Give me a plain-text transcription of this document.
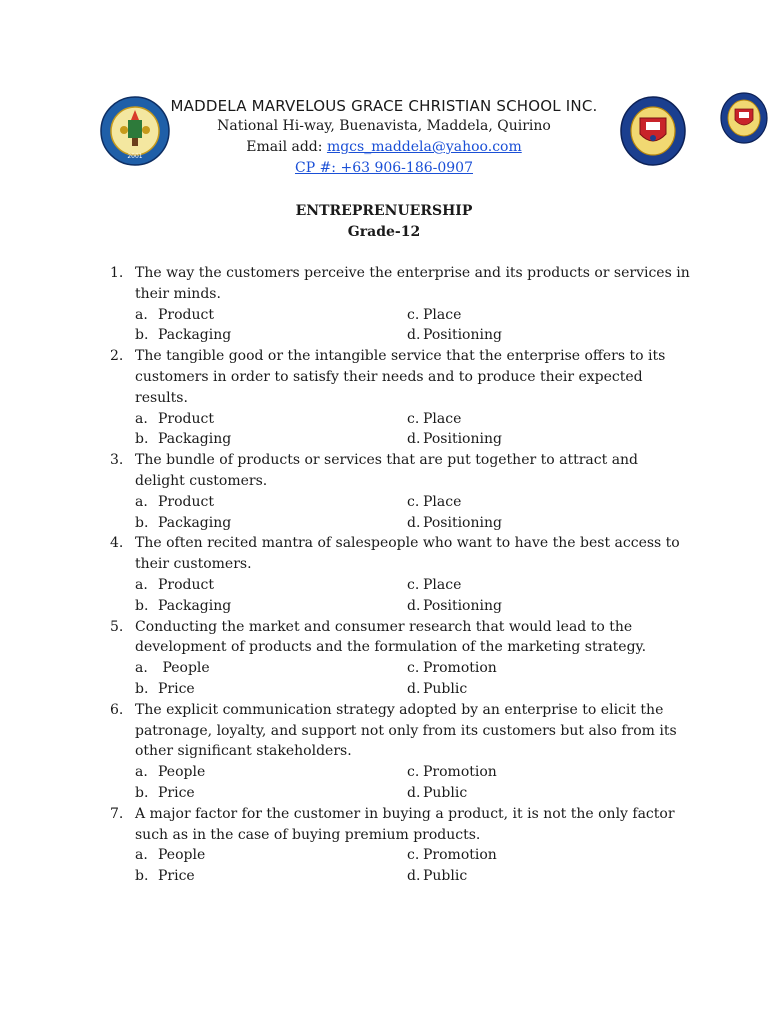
2001
MADDELA MARVELOUS GRACE CHRISTIAN SCHOOL INC.
National Hi-way, Buenavista, Maddela, Quirino
Email add: mgcs_maddela@yahoo.com
CP #: +63 906-186-0907
ENTREPRENUERSHIP
Grade-12
1. The way the customers perceive the enterprise and its products or services in their minds.
a. Product	c. Place
b. Packaging	d. Positioning
2. The tangible good or the intangible service that the enterprise offers to its customers in order to satisfy their needs and to produce their expected results.
a. Product	c. Place
b. Packaging	d. Positioning
3. The bundle of products or services that are put together to attract and delight customers.
a. Product	c. Place
b. Packaging	d. Positioning
4. The often recited mantra of salespeople who want to have the best access to their customers.
a. Product	c. Place
b. Packaging	d. Positioning
5. Conducting the market and consumer research that would lead to the development of products and the formulation of the marketing strategy.
a. People	c. Promotion
b. Price	d. Public
6. The explicit communication strategy adopted by an enterprise to elicit the patronage, loyalty, and support not only from its customers but also from its other significant stakeholders.
a. People	c. Promotion
b. Price	d. Public
7. A major factor for the customer in buying a product, it is not the only factor such as in the case of buying premium products.
a. People	c. Promotion
b. Price	d. Public
